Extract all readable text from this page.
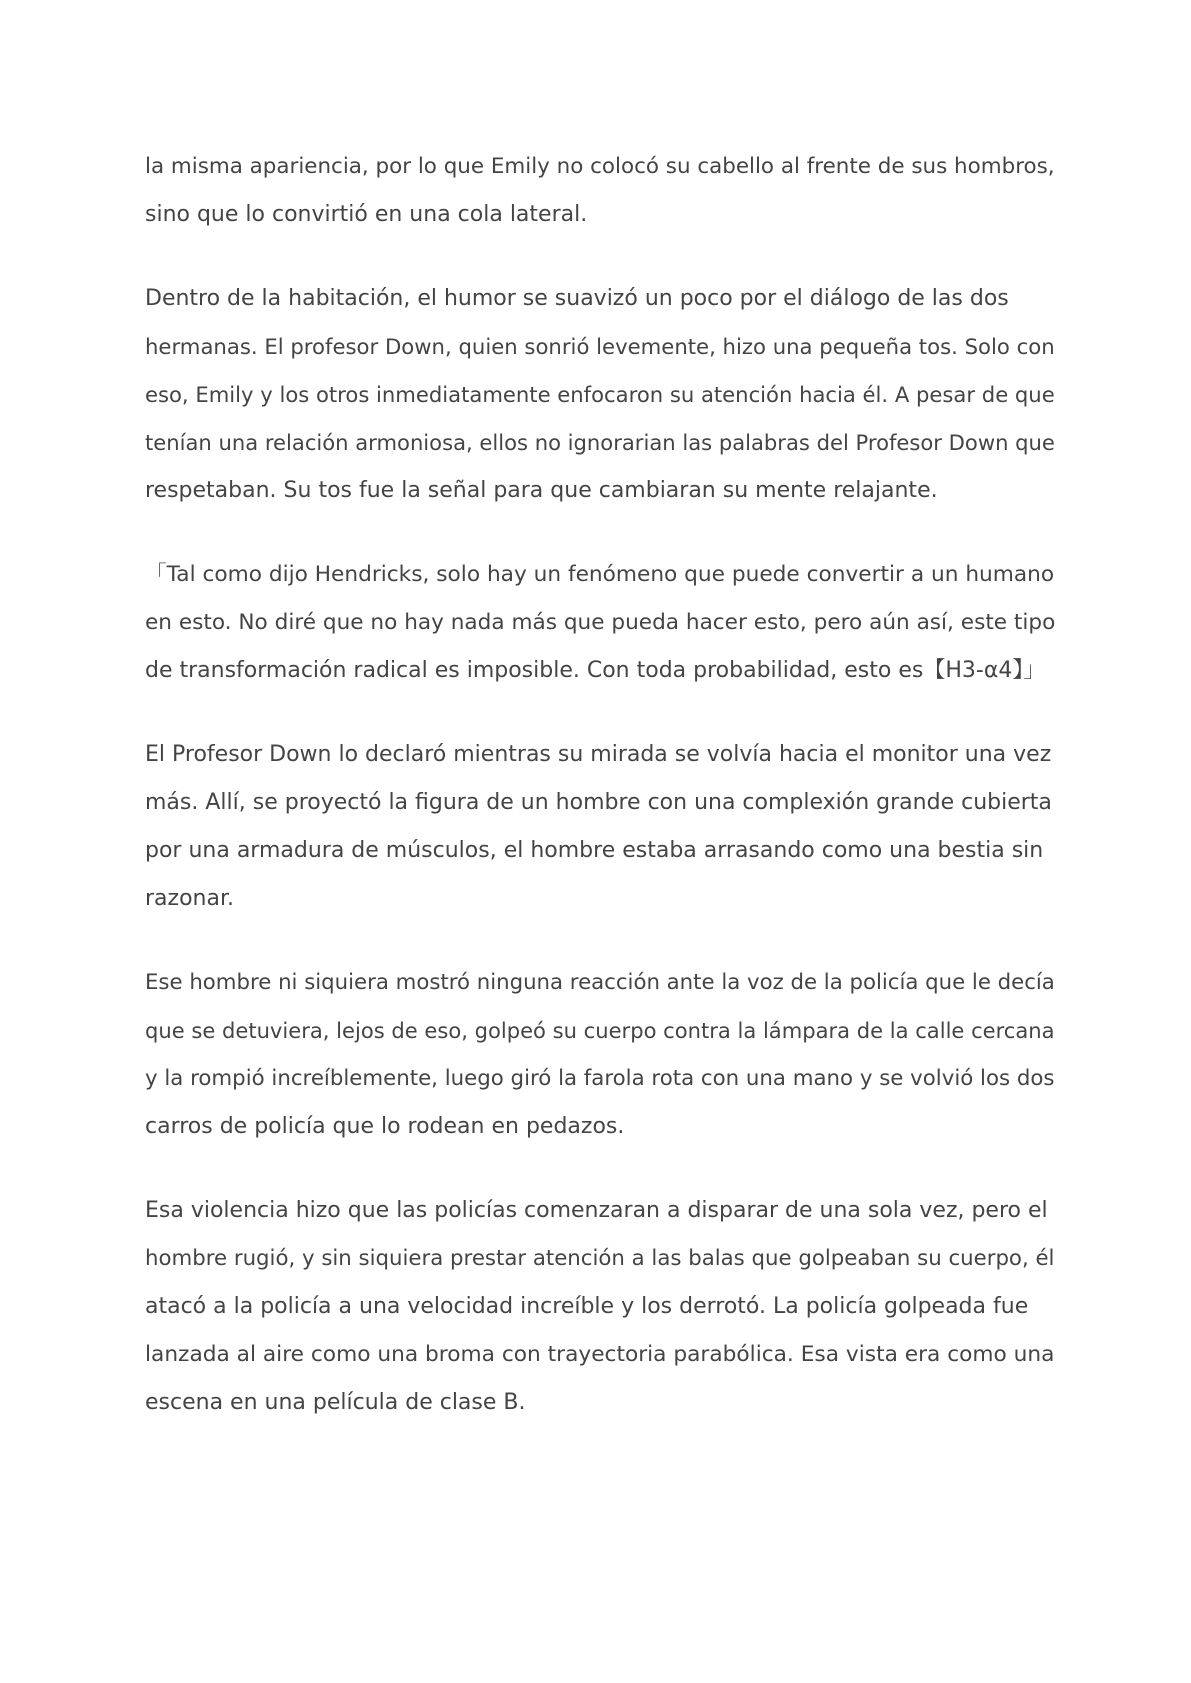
la misma apariencia, por lo que Emily no colocó su cabello al frente de sus hombros,
sino que lo convirtió en una cola lateral.

Dentro de la habitación, el humor se suavizó un poco por el diálogo de las dos
hermanas. El profesor Down, quien sonrió levemente, hizo una pequeña tos. Solo con
eso, Emily y los otros inmediatamente enfocaron su atención hacia él. A pesar de que
tenían una relación armoniosa, ellos no ignorarian las palabras del Profesor Down que
respetaban. Su tos fue la señal para que cambiaran su mente relajante.

「Tal como dijo Hendricks, solo hay un fenómeno que puede convertir a un humano
en esto. No diré que no hay nada más que pueda hacer esto, pero aún así, este tipo
de transformación radical es imposible. Con toda probabilidad, esto es【H3-α4】」

El Profesor Down lo declaró mientras su mirada se volvía hacia el monitor una vez
más. Allí, se proyectó la figura de un hombre con una complexión grande cubierta
por una armadura de músculos, el hombre estaba arrasando como una bestia sin
razonar.

Ese hombre ni siquiera mostró ninguna reacción ante la voz de la policía que le decía
que se detuviera, lejos de eso, golpeó su cuerpo contra la lámpara de la calle cercana
y la rompió increíblemente, luego giró la farola rota con una mano y se volvió los dos
carros de policía que lo rodean en pedazos.

Esa violencia hizo que las policías comenzaran a disparar de una sola vez, pero el
hombre rugió, y sin siquiera prestar atención a las balas que golpeaban su cuerpo, él
atacó a la policía a una velocidad increíble y los derrotó. La policía golpeada fue
lanzada al aire como una broma con trayectoria parabólica. Esa vista era como una
escena en una película de clase B.
